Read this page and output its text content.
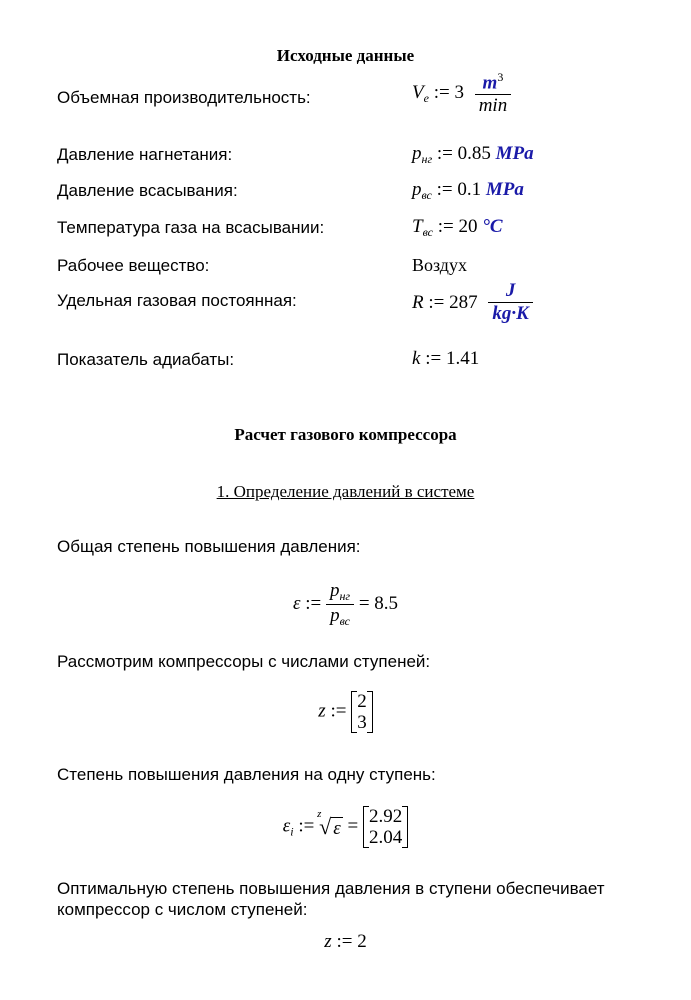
Исходные данные
Объемная производительность:	$V_e$ := $3 \frac{m^3}{\min}$
Давление нагнетания:	$p_{нг}$ := 0.85 MPa
Давление всасывания:	$p_{вс}$ := 0.1 MPa
Температура газа на всасывании:	$T_{вс}$ := 20 °C
Рабочее вещество:	Воздух
Удельная газовая постоянная:	R := $287 \frac{J}{kg\cdot K}$
Показатель адиабаты:	k := 1.41
Расчет газового компрессора
1. Определение давлений в системе
Общая степень повышения давления:
ε := $\frac{p_{нг}}{p_{вс}} = 8.5$
Рассмотрим компрессоры с числами ступеней:
z := 2
3
Степень повышения давления на одну ступень:
$\varepsilon_i$ :=
z
√ ε = 2.92
2.04
Оптимальную степень повышения давления в ступени обеспечивает
компрессор с числом ступеней:
z := 2
